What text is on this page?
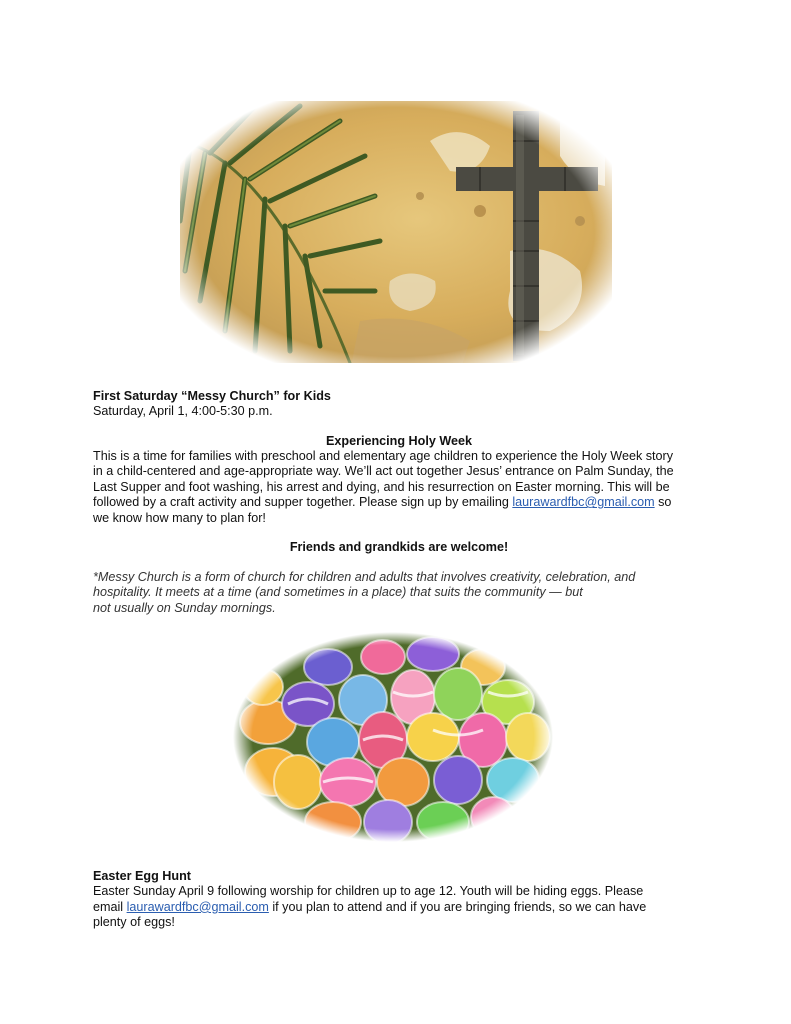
First Saturday “Messy Church” for Kids
Saturday, April 1, 4:00-5:30 p.m.
Experiencing Holy Week
This is a time for families with preschool and elementary age children to experience the Holy Week story
in a child-centered and age-appropriate way. We’ll act out together Jesus’ entrance on Palm Sunday, the
Last Supper and foot washing, his arrest and dying, and his resurrection on Easter morning. This will be
followed by a craft activity and supper together. Please sign up by emailing laurawardfbc@gmail.com so
we know how many to plan for!
Friends and grandkids are welcome!
*Messy Church is a form of church for children and adults that involves creativity, celebration, and
hospitality. It meets at a time (and sometimes in a place) that suits the community — but
not usually on Sunday mornings.
Easter Egg Hunt
Easter Sunday April 9 following worship for children up to age 12. Youth will be hiding eggs. Please
email laurawardfbc@gmail.com if you plan to attend and if you are bringing friends, so we can have
plenty of eggs!
